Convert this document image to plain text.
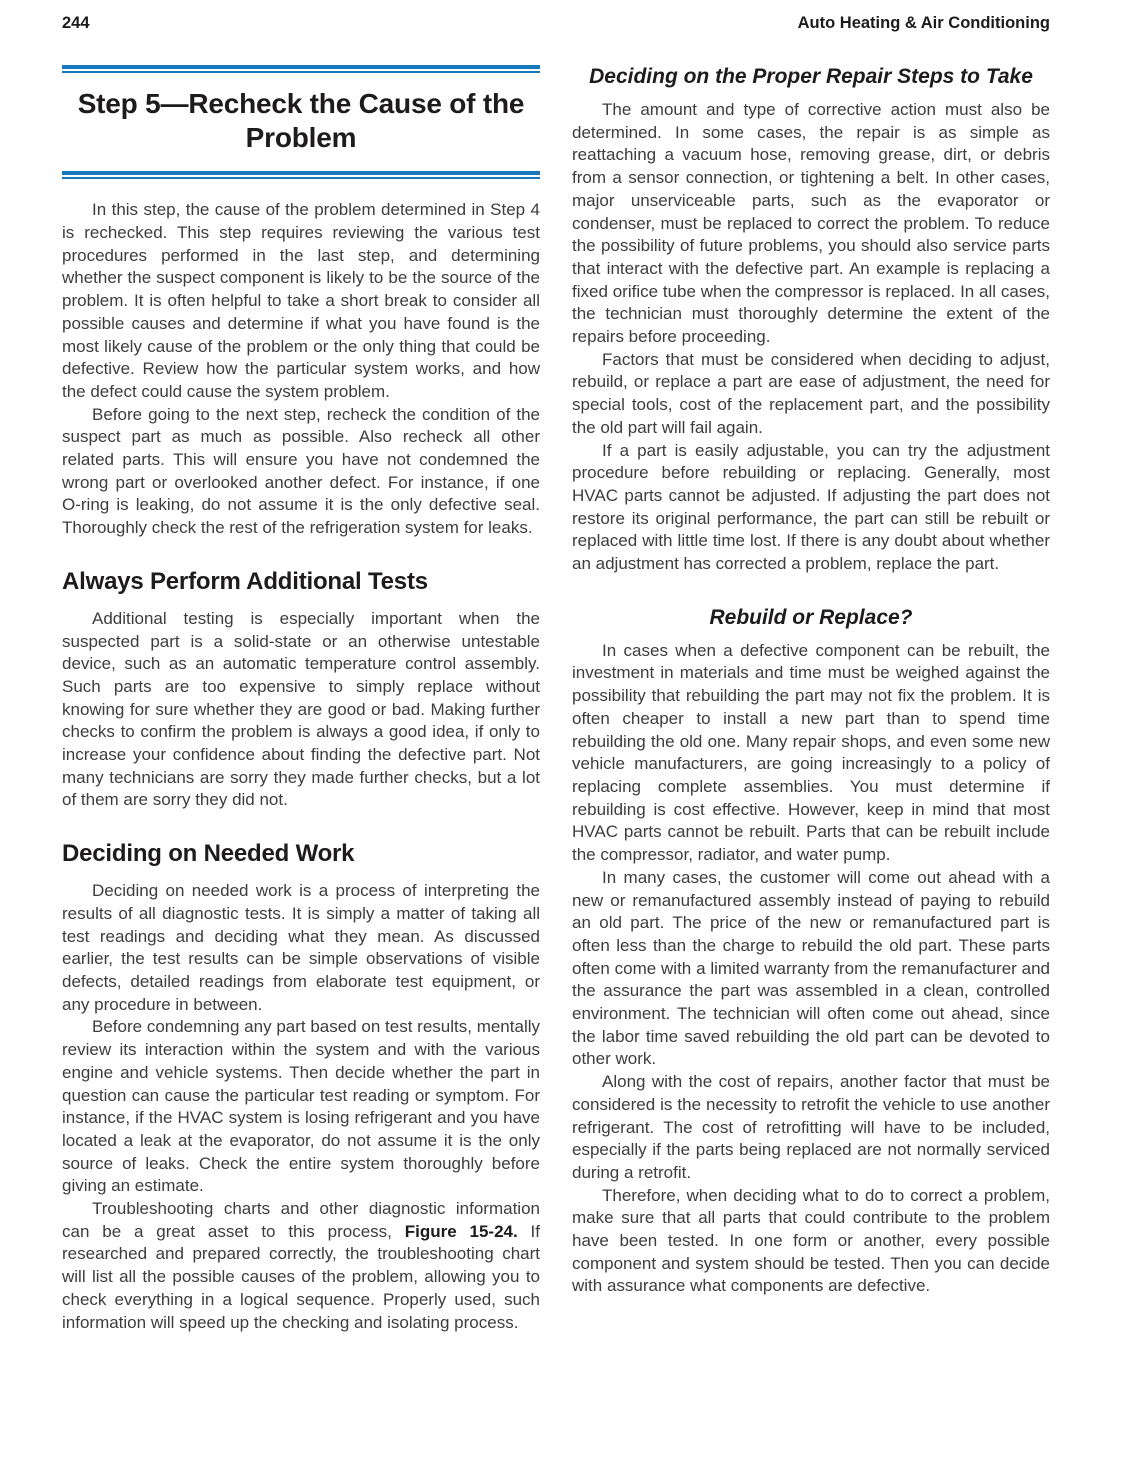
244	Auto Heating & Air Conditioning
Step 5—Recheck the Cause of the Problem

In this step, the cause of the problem determined in Step 4 is rechecked. This step requires reviewing the various test procedures performed in the last step, and determining whether the suspect component is likely to be the source of the problem. It is often helpful to take a short break to consider all possible causes and determine if what you have found is the most likely cause of the problem or the only thing that could be defective. Review how the particular system works, and how the defect could cause the system problem.

Before going to the next step, recheck the condition of the suspect part as much as possible. Also recheck all other related parts. This will ensure you have not condemned the wrong part or overlooked another defect. For instance, if one O-ring is leaking, do not assume it is the only defective seal. Thoroughly check the rest of the refrigeration system for leaks.

Always Perform Additional Tests

Additional testing is especially important when the suspected part is a solid-state or an otherwise untestable device, such as an automatic temperature control assembly. Such parts are too expensive to simply replace without knowing for sure whether they are good or bad. Making further checks to confirm the problem is always a good idea, if only to increase your confidence about finding the defective part. Not many technicians are sorry they made further checks, but a lot of them are sorry they did not.

Deciding on Needed Work

Deciding on needed work is a process of interpreting the results of all diagnostic tests. It is simply a matter of taking all test readings and deciding what they mean. As discussed earlier, the test results can be simple observations of visible defects, detailed readings from elaborate test equipment, or any procedure in between.

Before condemning any part based on test results, mentally review its interaction within the system and with the various engine and vehicle systems. Then decide whether the part in question can cause the particular test reading or symptom. For instance, if the HVAC system is losing refrigerant and you have located a leak at the evaporator, do not assume it is the only source of leaks. Check the entire system thoroughly before giving an estimate.

Troubleshooting charts and other diagnostic information can be a great asset to this process, Figure 15-24. If researched and prepared correctly, the troubleshooting chart will list all the possible causes of the problem, allowing you to check everything in a logical sequence. Properly used, such information will speed up the checking and isolating process.

Deciding on the Proper Repair Steps to Take

The amount and type of corrective action must also be determined. In some cases, the repair is as simple as reattaching a vacuum hose, removing grease, dirt, or debris from a sensor connection, or tightening a belt. In other cases, major unserviceable parts, such as the evaporator or condenser, must be replaced to correct the problem. To reduce the possibility of future problems, you should also service parts that interact with the defective part. An example is replacing a fixed orifice tube when the compressor is replaced. In all cases, the technician must thoroughly determine the extent of the repairs before proceeding.

Factors that must be considered when deciding to adjust, rebuild, or replace a part are ease of adjustment, the need for special tools, cost of the replacement part, and the possibility the old part will fail again.

If a part is easily adjustable, you can try the adjustment procedure before rebuilding or replacing. Generally, most HVAC parts cannot be adjusted. If adjusting the part does not restore its original performance, the part can still be rebuilt or replaced with little time lost. If there is any doubt about whether an adjustment has corrected a problem, replace the part.

Rebuild or Replace?

In cases when a defective component can be rebuilt, the investment in materials and time must be weighed against the possibility that rebuilding the part may not fix the problem. It is often cheaper to install a new part than to spend time rebuilding the old one. Many repair shops, and even some new vehicle manufacturers, are going increasingly to a policy of replacing complete assemblies. You must determine if rebuilding is cost effective. However, keep in mind that most HVAC parts cannot be rebuilt. Parts that can be rebuilt include the compressor, radiator, and water pump.

In many cases, the customer will come out ahead with a new or remanufactured assembly instead of paying to rebuild an old part. The price of the new or remanufactured part is often less than the charge to rebuild the old part. These parts often come with a limited warranty from the remanufacturer and the assurance the part was assembled in a clean, controlled environment. The technician will often come out ahead, since the labor time saved rebuilding the old part can be devoted to other work.

Along with the cost of repairs, another factor that must be considered is the necessity to retrofit the vehicle to use another refrigerant. The cost of retrofitting will have to be included, especially if the parts being replaced are not normally serviced during a retrofit.

Therefore, when deciding what to do to correct a problem, make sure that all parts that could contribute to the problem have been tested. In one form or another, every possible component and system should be tested. Then you can decide with assurance what components are defective.
